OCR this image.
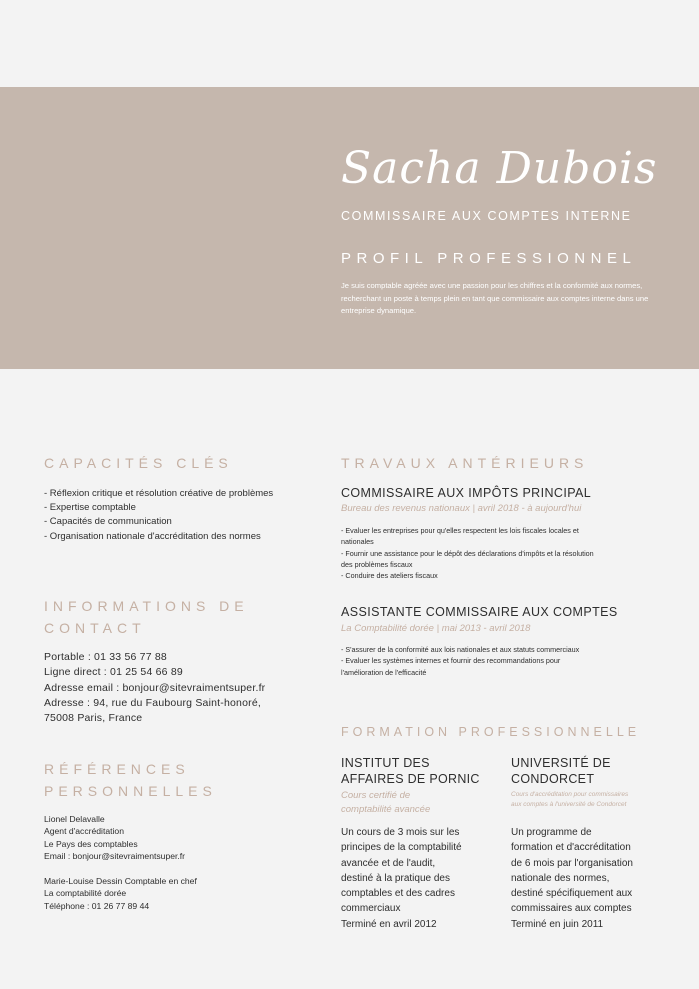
Sacha Dubois
COMMISSAIRE AUX COMPTES INTERNE
PROFIL PROFESSIONNEL
Je suis comptable agréée avec une passion pour les chiffres et la conformité aux normes, recherchant un poste à temps plein en tant que commissaire aux comptes interne dans une entreprise dynamique.
CAPACITÉS CLÉS
- Réflexion critique et résolution créative de problèmes
- Expertise comptable
- Capacités de communication
- Organisation nationale d'accréditation des normes
INFORMATIONS DE
CONTACT
Portable : 01 33 56 77 88
Ligne direct : 01 25 54 66 89
Adresse email : bonjour@sitevraimentsuper.fr
Adresse : 94, rue du Faubourg Saint-honoré,
75008 Paris, France
RÉFÉRENCES
PERSONNELLES
Lionel Delavalle
Agent d'accréditation
Le Pays des comptables
Email : bonjour@sitevraimentsuper.fr
Marie-Louise Dessin Comptable en chef
La comptabilité dorée
Téléphone : 01 26 77 89 44
TRAVAUX ANTÉRIEURS
COMMISSAIRE AUX IMPÔTS PRINCIPAL
Bureau des revenus nationaux | avril 2018 - à aujourd'hui
- Evaluer les entreprises pour qu'elles respectent les lois fiscales locales et
nationales
- Fournir une assistance pour le dépôt des déclarations d'impôts et la résolution
des problèmes fiscaux
- Conduire des ateliers fiscaux
ASSISTANTE COMMISSAIRE AUX COMPTES
La Comptabilité dorée | mai 2013 - avril 2018
- S'assurer de la conformité aux lois nationales et aux statuts commerciaux
- Evaluer les systèmes internes et fournir des recommandations pour
l'amélioration de l'efficacité
FORMATION PROFESSIONNELLE
INSTITUT DES
AFFAIRES DE PORNIC
Cours certifié de
comptabilité avancée
Un cours de 3 mois sur les
principes de la comptabilité
avancée et de l'audit,
destiné à la pratique des
comptables et des cadres
commerciaux
Terminé en avril 2012
UNIVERSITÉ DE
CONDORCET
Cours d'accréditation pour commissaires
aux comptes à l'université de Condorcet
Un programme de
formation et d'accréditation
de 6 mois par l'organisation
nationale des normes,
destiné spécifiquement aux
commissaires aux comptes
Terminé en juin 2011
